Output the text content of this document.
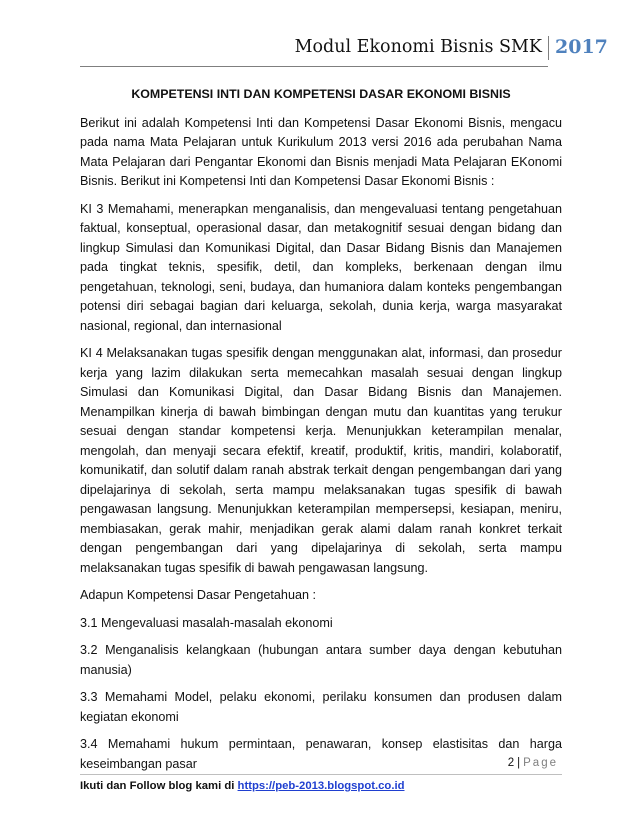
Modul Ekonomi Bisnis SMK 2017
KOMPETENSI INTI DAN KOMPETENSI DASAR EKONOMI BISNIS

Berikut ini adalah Kompetensi Inti dan Kompetensi Dasar Ekonomi Bisnis, mengacu pada nama Mata Pelajaran untuk Kurikulum 2013 versi 2016 ada perubahan Nama Mata Pelajaran dari Pengantar Ekonomi dan Bisnis menjadi Mata Pelajaran EKonomi Bisnis. Berikut ini Kompetensi Inti dan Kompetensi Dasar Ekonomi Bisnis :

KI 3 Memahami, menerapkan menganalisis, dan mengevaluasi tentang pengetahuan faktual, konseptual, operasional dasar, dan metakognitif sesuai dengan bidang dan lingkup Simulasi dan Komunikasi Digital, dan Dasar Bidang Bisnis dan Manajemen pada tingkat teknis, spesifik, detil, dan kompleks, berkenaan dengan ilmu pengetahuan, teknologi, seni, budaya, dan humaniora dalam konteks pengembangan potensi diri sebagai bagian dari keluarga, sekolah, dunia kerja, warga masyarakat nasional, regional, dan internasional

KI 4 Melaksanakan tugas spesifik dengan menggunakan alat, informasi, dan prosedur kerja yang lazim dilakukan serta memecahkan masalah sesuai dengan lingkup Simulasi dan Komunikasi Digital, dan Dasar Bidang Bisnis dan Manajemen. Menampilkan kinerja di bawah bimbingan dengan mutu dan kuantitas yang terukur sesuai dengan standar kompetensi kerja. Menunjukkan keterampilan menalar, mengolah, dan menyaji secara efektif, kreatif, produktif, kritis, mandiri, kolaboratif, komunikatif, dan solutif dalam ranah abstrak terkait dengan pengembangan dari yang dipelajarinya di sekolah, serta mampu melaksanakan tugas spesifik di bawah pengawasan langsung. Menunjukkan keterampilan mempersepsi, kesiapan, meniru, membiasakan, gerak mahir, menjadikan gerak alami dalam ranah konkret terkait dengan pengembangan dari yang dipelajarinya di sekolah, serta mampu melaksanakan tugas spesifik di bawah pengawasan langsung.

Adapun Kompetensi Dasar Pengetahuan :

3.1 Mengevaluasi masalah-masalah ekonomi

3.2 Menganalisis kelangkaan (hubungan antara sumber daya dengan kebutuhan manusia)

3.3 Memahami Model, pelaku ekonomi, perilaku konsumen dan produsen dalam kegiatan ekonomi

3.4 Memahami hukum permintaan, penawaran, konsep elastisitas dan harga keseimbangan pasar	2 | Page
Ikuti dan Follow blog kami di https://peb-2013.blogspot.co.id
